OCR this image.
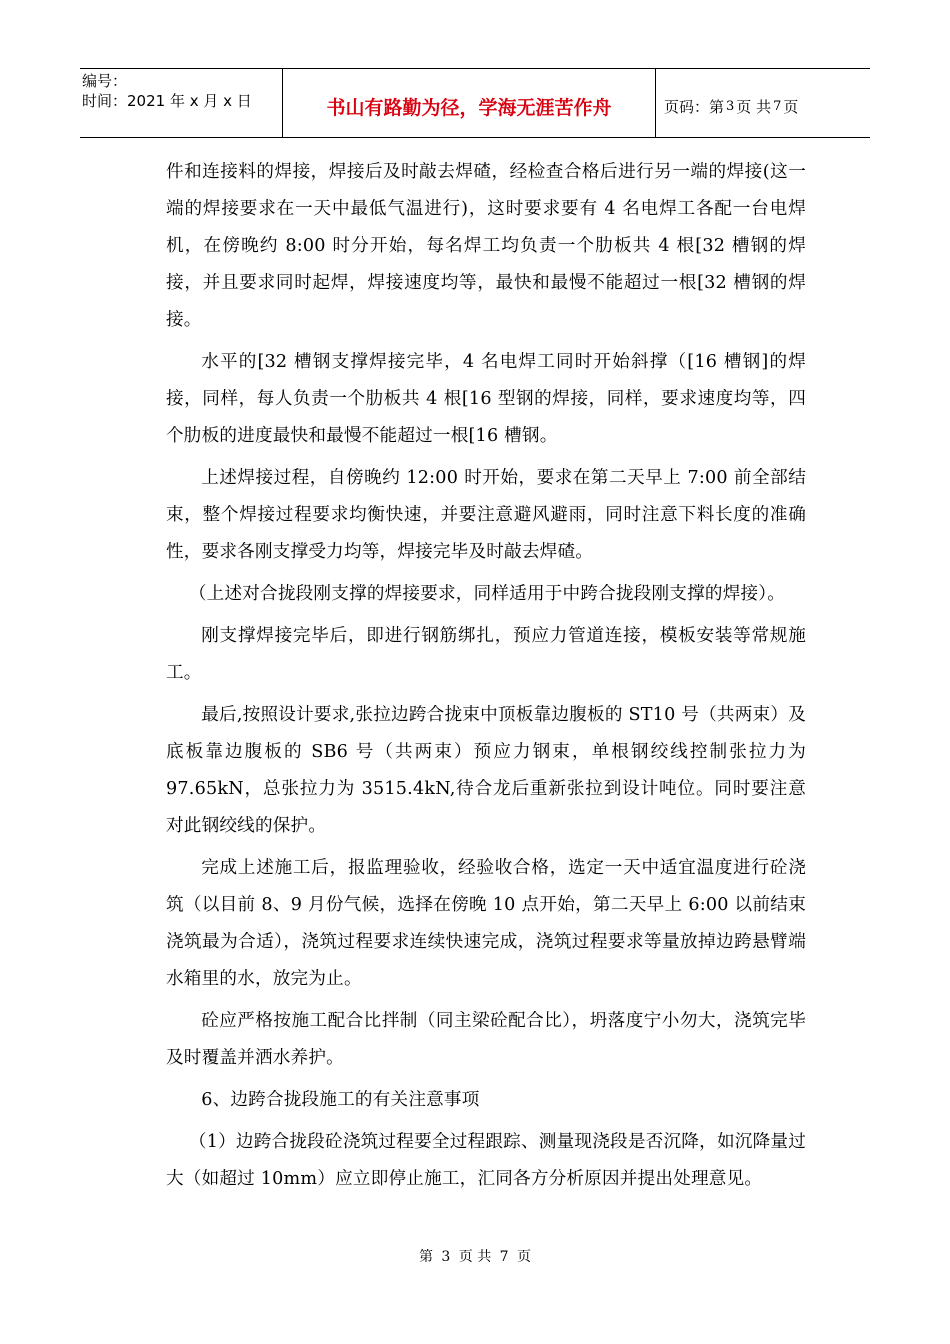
编号：
时间：2021 年 x 月 x 日	书山有路勤为径，学海无涯苦作舟	页码：第 3 页 共 7 页

件和连接料的焊接，焊接后及时敲去焊碴，经检查合格后进行另一端的焊接(这一端的焊接要求在一天中最低气温进行)，这时要求要有 4 名电焊工各配一台电焊机，在傍晚约 8:00 时分开始，每名焊工均负责一个肋板共 4 根[32 槽钢的焊接，并且要求同时起焊，焊接速度均等，最快和最慢不能超过一根[32 槽钢的焊接。

水平的[32 槽钢支撑焊接完毕，4 名电焊工同时开始斜撑（[16 槽钢]的焊接，同样，每人负责一个肋板共 4 根[16 型钢的焊接，同样，要求速度均等，四个肋板的进度最快和最慢不能超过一根[16 槽钢。

上述焊接过程，自傍晚约 12:00 时开始，要求在第二天早上 7:00 前全部结束，整个焊接过程要求均衡快速，并要注意避风避雨，同时注意下料长度的准确性，要求各刚支撑受力均等，焊接完毕及时敲去焊碴。

（上述对合拢段刚支撑的焊接要求，同样适用于中跨合拢段刚支撑的焊接）。

刚支撑焊接完毕后，即进行钢筋绑扎，预应力管道连接，模板安装等常规施工。

最后,按照设计要求,张拉边跨合拢束中顶板靠边腹板的 ST10 号（共两束）及底板靠边腹板的 SB6 号（共两束）预应力钢束，单根钢绞线控制张拉力为 97.65kN，总张拉力为 3515.4kN,待合龙后重新张拉到设计吨位。同时要注意对此钢绞线的保护。

完成上述施工后，报监理验收，经验收合格，选定一天中适宜温度进行砼浇筑（以目前 8、9 月份气候，选择在傍晚 10 点开始，第二天早上 6:00 以前结束浇筑最为合适），浇筑过程要求连续快速完成，浇筑过程要求等量放掉边跨悬臂端水箱里的水，放完为止。

砼应严格按施工配合比拌制（同主梁砼配合比），坍落度宁小勿大，浇筑完毕及时覆盖并洒水养护。

6、边跨合拢段施工的有关注意事项

（1）边跨合拢段砼浇筑过程要全过程跟踪、测量现浇段是否沉降，如沉降量过大（如超过 10mm）应立即停止施工，汇同各方分析原因并提出处理意见。

第 3 页 共 7 页
